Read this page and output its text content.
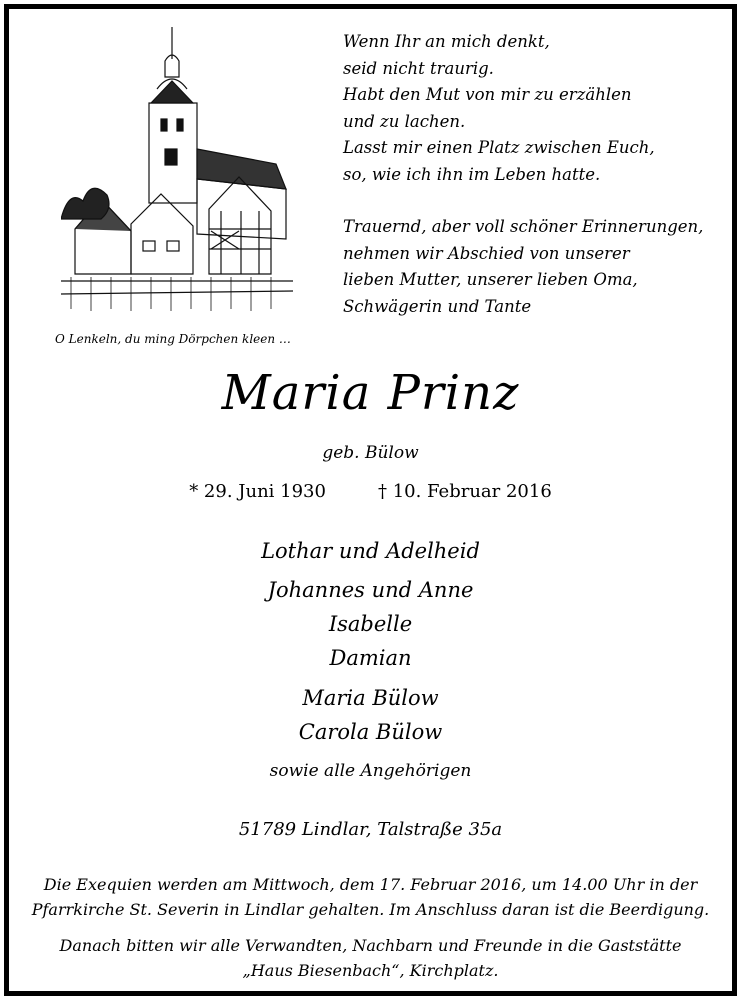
O Lenkeln, du ming Dörpchen kleen …
Wenn Ihr an mich denkt,
seid nicht traurig.
Habt den Mut von mir zu erzählen
und zu lachen.
Lasst mir einen Platz zwischen Euch,
so, wie ich ihn im Leben hatte.
Trauernd, aber voll schöner Erinnerungen,
nehmen wir Abschied von unserer
lieben Mutter, unserer lieben Oma,
Schwägerin und Tante
Maria Prinz
geb. Bülow
* 29. Juni 1930	† 10. Februar 2016
Lothar und Adelheid
Johannes und Anne
Isabelle
Damian
Maria Bülow
Carola Bülow
sowie alle Angehörigen
51789 Lindlar, Talstraße 35a
Die Exequien werden am Mittwoch, dem 17. Februar 2016, um 14.00 Uhr in der
Pfarrkirche St. Severin in Lindlar gehalten. Im Anschluss daran ist die Beerdigung.
Danach bitten wir alle Verwandten, Nachbarn und Freunde in die Gaststätte
„Haus Biesenbach“, Kirchplatz.
